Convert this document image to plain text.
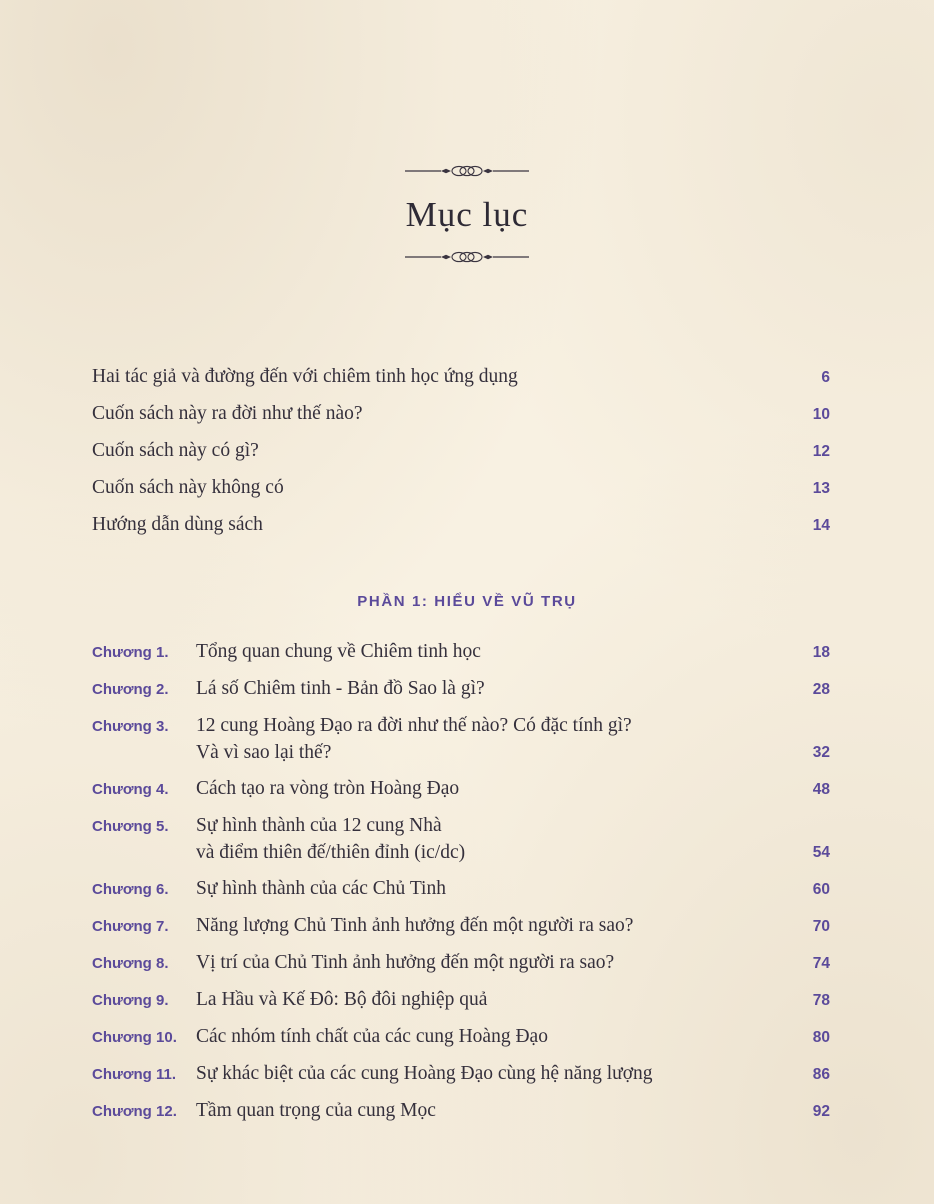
Mục lục
Hai tác giả và đường đến với chiêm tinh học ứng dụng	6
Cuốn sách này ra đời như thế nào?	10
Cuốn sách này có gì?	12
Cuốn sách này không có	13
Hướng dẫn dùng sách	14
PHẦN 1: HIỂU VỀ VŨ TRỤ
Chương 1.	Tổng quan chung về Chiêm tinh học	18
Chương 2.	Lá số Chiêm tinh - Bản đồ Sao là gì?	28
Chương 3.	12 cung Hoàng Đạo ra đời như thế nào? Có đặc tính gì?
Và vì sao lại thế?	32
Chương 4.	Cách tạo ra vòng tròn Hoàng Đạo	48
Chương 5.	Sự hình thành của 12 cung Nhà
và điểm thiên đế/thiên đỉnh (ic/dc)	54
Chương 6.	Sự hình thành của các Chủ Tinh	60
Chương 7.	Năng lượng Chủ Tinh ảnh hưởng đến một người ra sao?	70
Chương 8.	Vị trí của Chủ Tinh ảnh hưởng đến một người ra sao?	74
Chương 9.	La Hầu và Kế Đô: Bộ đôi nghiệp quả	78
Chương 10. Các nhóm tính chất của các cung Hoàng Đạo	80
Chương 11.	Sự khác biệt của các cung Hoàng Đạo cùng hệ năng lượng	86
Chương 12. Tầm quan trọng của cung Mọc	92
